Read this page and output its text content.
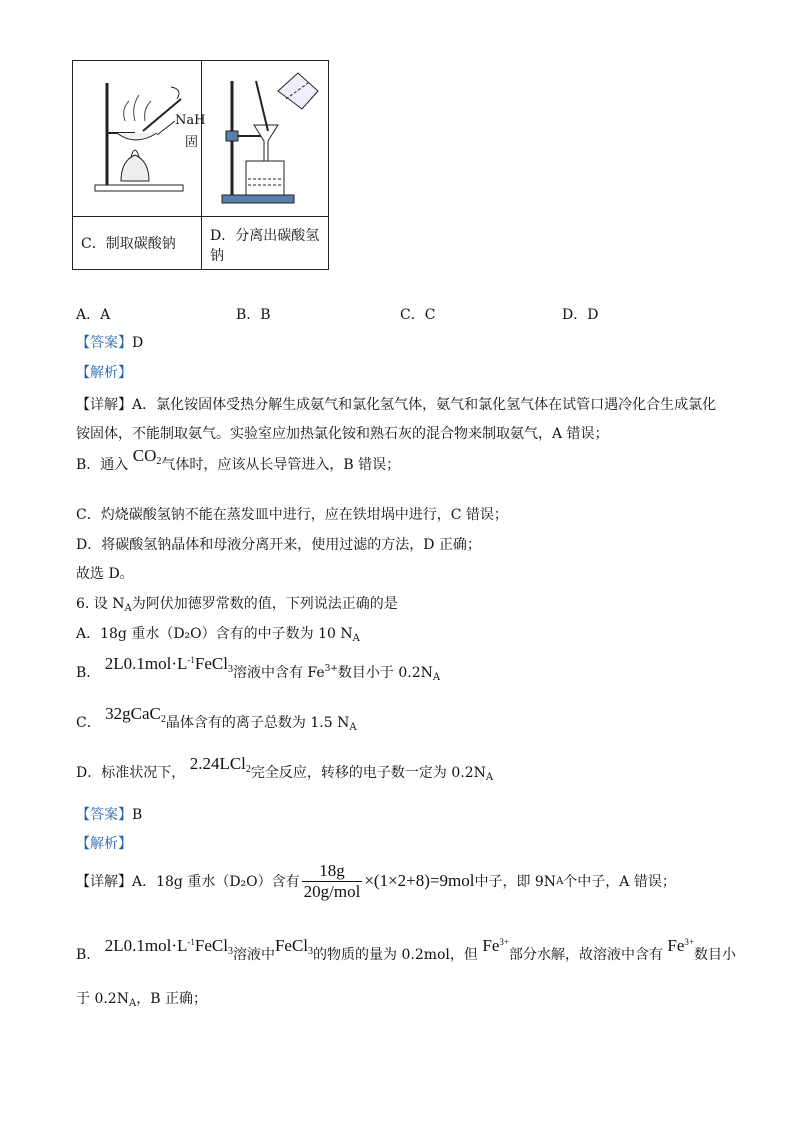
NaH
固

C．制取碳酸钠	D．分离出碳酸氢
钠
A．A	B．B	C．C	D．D
【答案】D
【解析】
【详解】A．氯化铵固体受热分解生成氨气和氯化氢气体，氨气和氯化氢气体在试管口遇冷化合生成氯化
铵固体，不能制取氨气。实验室应加热氯化铵和熟石灰的混合物来制取氨气，A 错误；
B．通入 $CO_2$气体时，应该从长导管进入，B 错误；
C．灼烧碳酸氢钠不能在蒸发皿中进行，应在铁坩埚中进行，C 错误；
D．将碳酸氢钠晶体和母液分离开来，使用过滤的方法，D 正确；
故选 D。
6. 设 $N_A$为阿伏加德罗常数的值，下列说法正确的是
A．18g 重水（D₂O）含有的中子数为 10 $N_A$
B． $2L0.1mol\cdot L^{-1}FeCl_3$溶液中含有 $Fe^{3+}$数目小于 $0.2N_A$
C． 32gCaC$_2$晶体含有的离子总数为 1.5 $N_A$
D．标准状况下， 2.24LCl$_2$完全反应，转移的电子数一定为 $0.2N_A$
【答案】B
【解析】
【详解】 A．18g 重水（D₂O）含有 $\frac{18g}{\text{20g/mol}} \times(1\times 2+8)=9mol$ 中子，即 9N A 个中子，A 错误；
B． $2L0.1mol\cdot L^{-1}FeCl_3$溶液中FeCl$_3$的物质的量为 0.2mol，但 $Fe^{3+}$部分水解，故溶液中含有 $Fe^{3+}$数目小
于 $0.2N_A$，B 正确；
